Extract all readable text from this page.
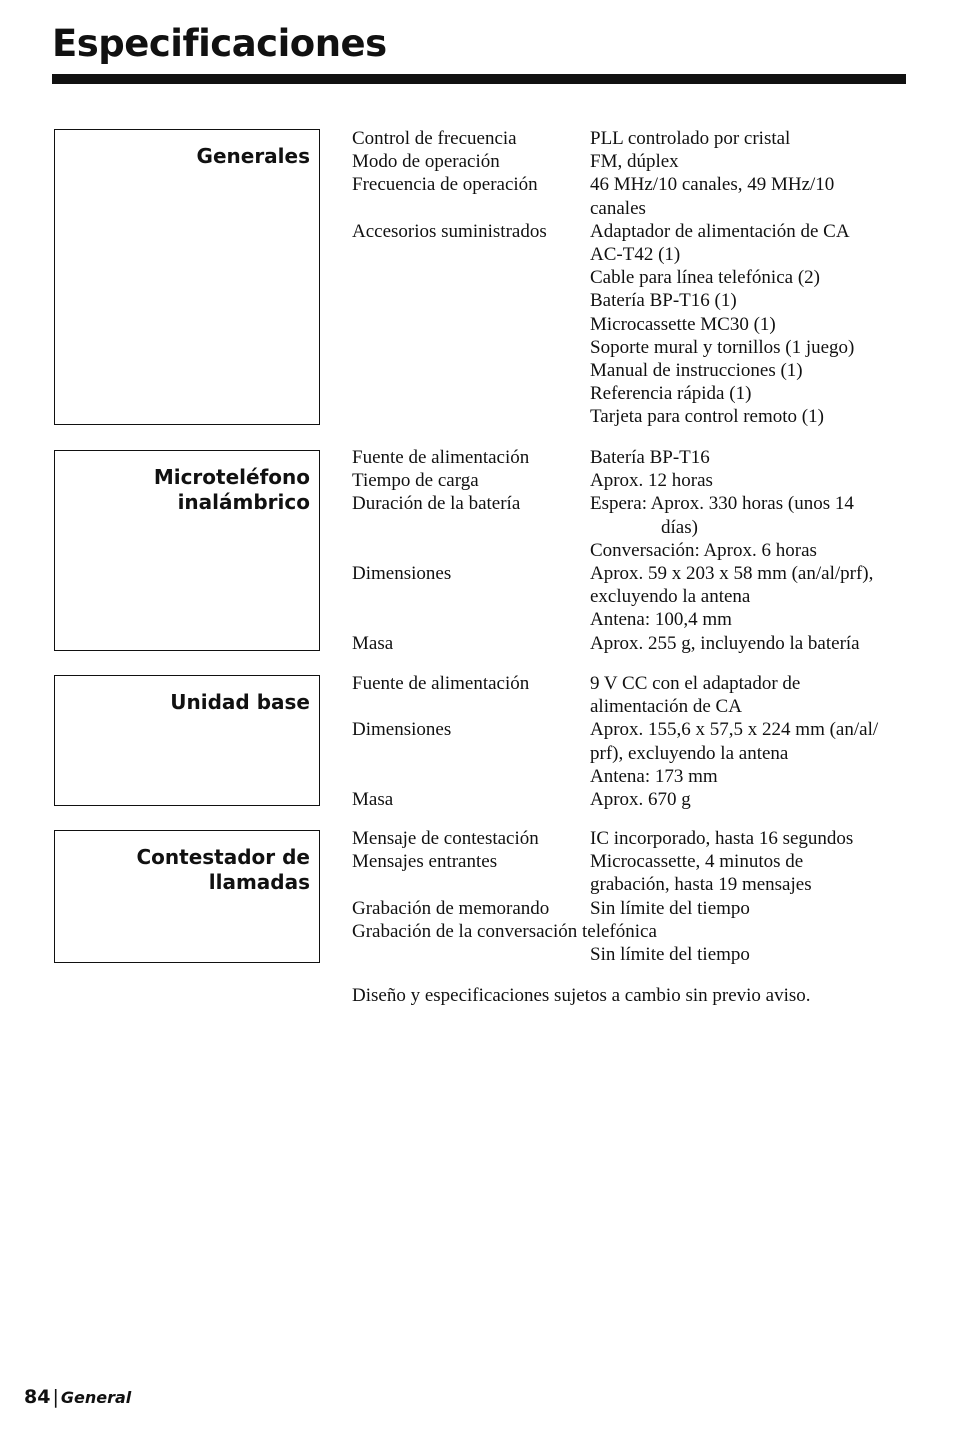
Especificaciones
Generales
Control de frecuencia	PLL controlado por cristal
Modo de operación	FM, dúplex
Frecuencia de operación	46 MHz/10 canales, 49 MHz/10
canales
Accesorios suministrados	Adaptador de alimentación de CA
AC-T42 (1)
Cable para línea telefónica (2)
Batería BP-T16 (1)
Microcassette MC30 (1)
Soporte mural y tornillos (1 juego)
Manual de instrucciones (1)
Referencia rápida (1)
Tarjeta para control remoto (1)
Microteléfono
inalámbrico
Fuente de alimentación	Batería BP-T16
Tiempo de carga	Aprox. 12 horas
Duración de la batería	Espera: Aprox. 330 horas (unos 14
días)
Conversación: Aprox. 6 horas
Dimensiones	Aprox. 59 x 203 x 58 mm (an/al/prf),
excluyendo la antena
Antena: 100,4 mm
Masa	Aprox. 255 g, incluyendo la batería
Unidad base
Fuente de alimentación	9 V CC con el adaptador de
alimentación de CA
Dimensiones	Aprox. 155,6 x 57,5 x 224 mm (an/al/
prf), excluyendo la antena
Antena: 173 mm
Masa	Aprox. 670 g
Contestador de
llamadas
Mensaje de contestación	IC incorporado, hasta 16 segundos
Mensajes entrantes	Microcassette, 4 minutos de
grabación, hasta 19 mensajes
Grabación de memorando	Sin límite del tiempo
Grabación de la conversación telefónica
Sin límite del tiempo
Diseño y especificaciones sujetos a cambio sin previo aviso.
84 | General
